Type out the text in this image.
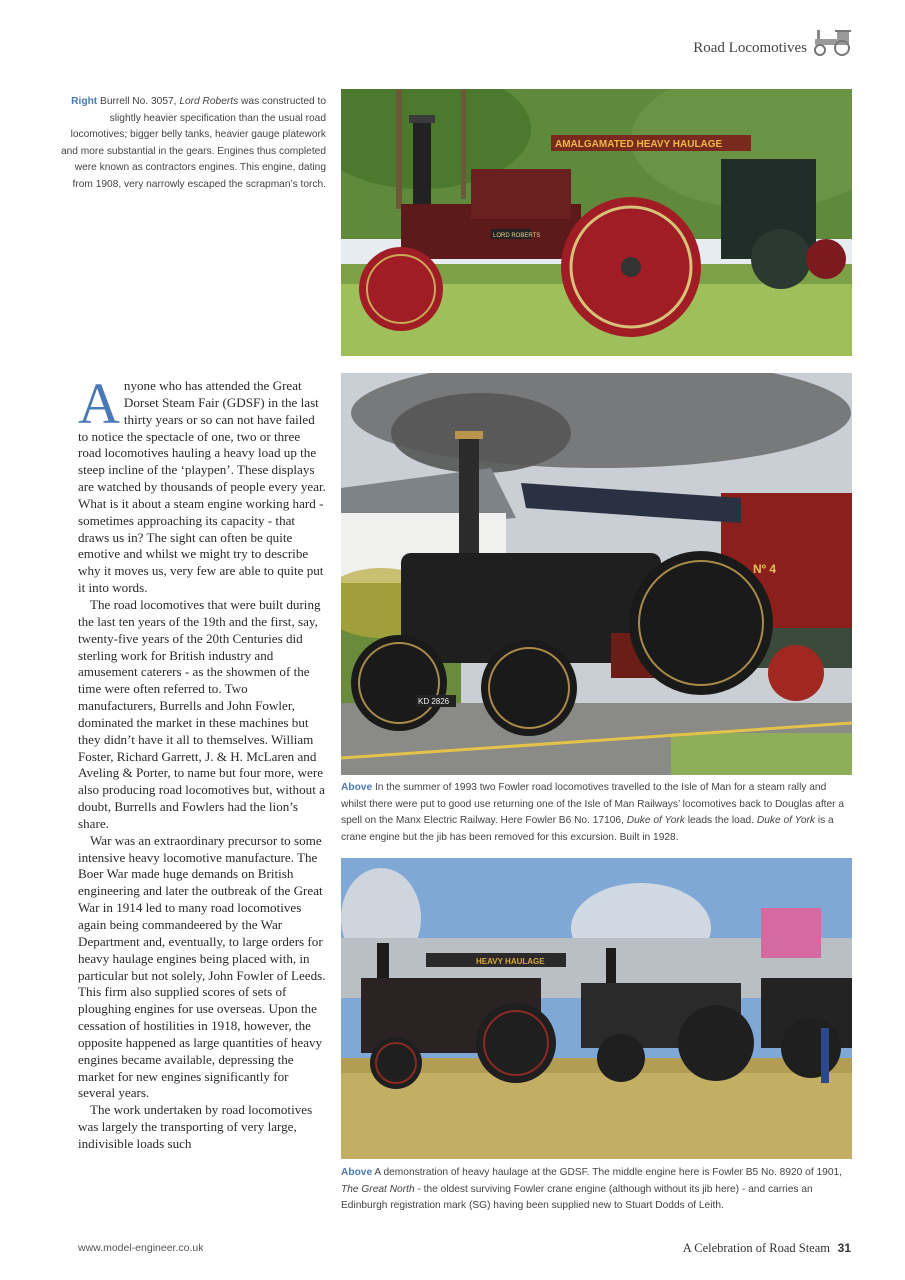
Road Locomotives
Right Burrell No. 3057, Lord Roberts was constructed to slightly heavier specification than the usual road locomotives; bigger belly tanks, heavier gauge platework and more substantial in the gears. Engines thus completed were known as contractors engines. This engine, dating from 1908, very narrowly escaped the scrapman’s torch.
AMALGAMATED HEAVY HAULAGE
LORD ROBERTS

Anyone who has attended the Great Dorset Steam Fair (GDSF) in the last thirty years or so can not have failed to notice the spectacle of one, two or three road locomotives hauling a heavy load up the steep incline of the ‘playpen’. These displays are watched by thousands of people every year. What is it about a steam engine working hard - sometimes approaching its capacity - that draws us in? The sight can often be quite emotive and whilst we might try to describe why it moves us, very few are able to quite put it into words.

The road locomotives that were built during the last ten years of the 19th and the first, say, twenty-five years of the 20th Centuries did sterling work for British industry and amusement caterers - as the showmen of the time were often referred to. Two manufacturers, Burrells and John Fowler, dominated the market in these machines but they didn’t have it all to themselves. William Foster, Richard Garrett, J. & H. McLaren and Aveling & Porter, to name but four more, were also producing road locomotives but, without a doubt, Burrells and Fowlers had the lion’s share.

War was an extraordinary precursor to some intensive heavy locomotive manufacture. The Boer War made huge demands on British engineering and later the outbreak of the Great War in 1914 led to many road locomotives again being commandeered by the War Department and, eventually, to large orders for heavy haulage engines being placed with, in particular but not solely, John Fowler of Leeds. This firm also supplied scores of sets of ploughing engines for use overseas. Upon the cessation of hostilities in 1918, however, the opposite happened as large quantities of heavy engines became available, depressing the market for new engines significantly for several years.

The work undertaken by road locomotives was largely the transporting of very large, indivisible loads such

Nº 4
KD 2826
Above In the summer of 1993 two Fowler road locomotives travelled to the Isle of Man for a steam rally and whilst there were put to good use returning one of the Isle of Man Railways’ locomotives back to Douglas after a spell on the Manx Electric Railway. Here Fowler B6 No. 17106, Duke of York leads the load. Duke of York is a crane engine but the jib has been removed for this excursion. Built in 1928.
HEAVY HAULAGE
Above A demonstration of heavy haulage at the GDSF. The middle engine here is Fowler B5 No. 8920 of 1901, The Great North - the oldest surviving Fowler crane engine (although without its jib here) - and carries an Edinburgh registration mark (SG) having been supplied new to Stuart Dodds of Leith.
www.model-engineer.co.uk	A Celebration of Road Steam 31
